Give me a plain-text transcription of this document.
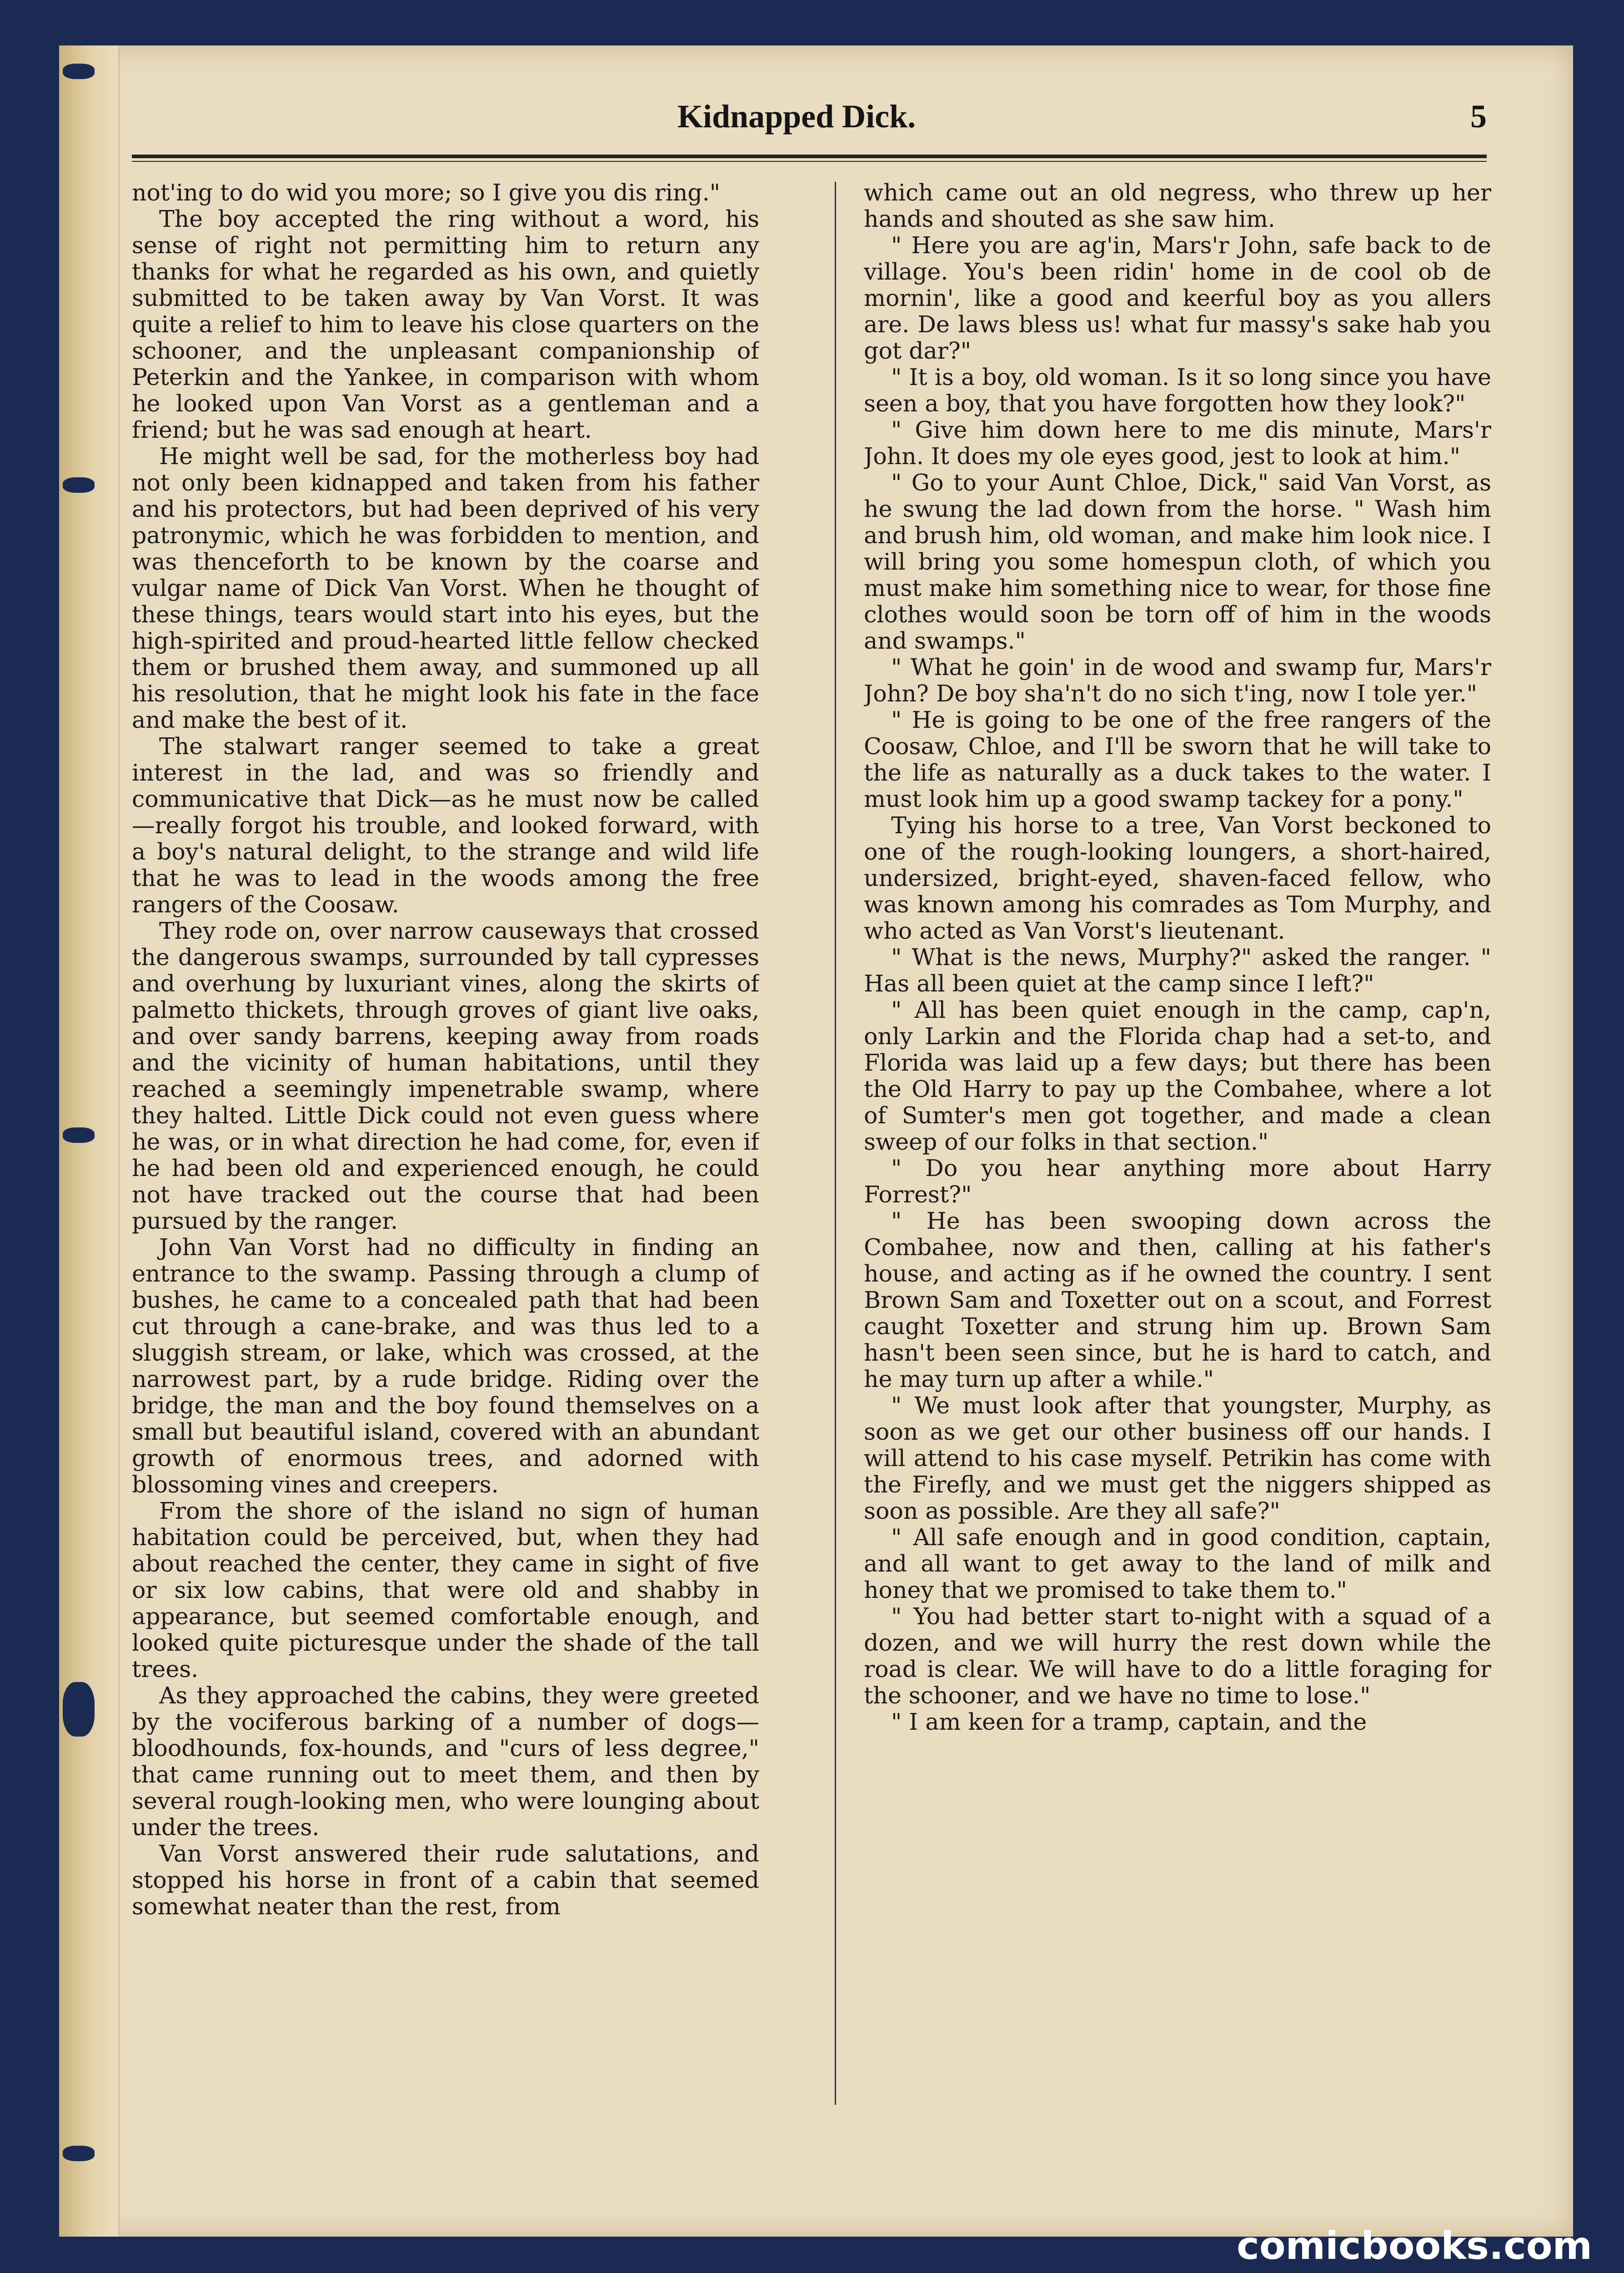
Kidnapped Dick.	5

not'ing to do wid you more; so I give you dis ring."

The boy accepted the ring without a word, his sense of right not permitting him to return any thanks for what he regarded as his own, and quietly submitted to be taken away by Van Vorst. It was quite a relief to him to leave his close quarters on the schooner, and the unpleasant companionship of Peterkin and the Yankee, in comparison with whom he looked upon Van Vorst as a gentleman and a friend; but he was sad enough at heart.

He might well be sad, for the motherless boy had not only been kidnapped and taken from his father and his protectors, but had been deprived of his very patronymic, which he was forbidden to mention, and was thenceforth to be known by the coarse and vulgar name of Dick Van Vorst. When he thought of these things, tears would start into his eyes, but the high-spirited and proud-hearted little fellow checked them or brushed them away, and summoned up all his resolution, that he might look his fate in the face and make the best of it.

The stalwart ranger seemed to take a great interest in the lad, and was so friendly and communicative that Dick—as he must now be called—really forgot his trouble, and looked forward, with a boy's natural delight, to the strange and wild life that he was to lead in the woods among the free rangers of the Coosaw.

They rode on, over narrow causeways that crossed the dangerous swamps, surrounded by tall cypresses and overhung by luxuriant vines, along the skirts of palmetto thickets, through groves of giant live oaks, and over sandy barrens, keeping away from roads and the vicinity of human habitations, until they reached a seemingly impenetrable swamp, where they halted. Little Dick could not even guess where he was, or in what direction he had come, for, even if he had been old and experienced enough, he could not have tracked out the course that had been pursued by the ranger.

John Van Vorst had no difficulty in finding an entrance to the swamp. Passing through a clump of bushes, he came to a concealed path that had been cut through a cane-brake, and was thus led to a sluggish stream, or lake, which was crossed, at the narrowest part, by a rude bridge. Riding over the bridge, the man and the boy found themselves on a small but beautiful island, covered with an abundant growth of enormous trees, and adorned with blossoming vines and creepers.

From the shore of the island no sign of human habitation could be perceived, but, when they had about reached the center, they came in sight of five or six low cabins, that were old and shabby in appearance, but seemed comfortable enough, and looked quite picturesque under the shade of the tall trees.

As they approached the cabins, they were greeted by the vociferous barking of a number of dogs—bloodhounds, fox-hounds, and "curs of less degree," that came running out to meet them, and then by several rough-looking men, who were lounging about under the trees.

Van Vorst answered their rude salutations, and stopped his horse in front of a cabin that seemed somewhat neater than the rest, from

which came out an old negress, who threw up her hands and shouted as she saw him.

" Here you are ag'in, Mars'r John, safe back to de village. You's been ridin' home in de cool ob de mornin', like a good and keerful boy as you allers are. De laws bless us! what fur massy's sake hab you got dar?"

" It is a boy, old woman. Is it so long since you have seen a boy, that you have forgotten how they look?"

" Give him down here to me dis minute, Mars'r John. It does my ole eyes good, jest to look at him."

" Go to your Aunt Chloe, Dick," said Van Vorst, as he swung the lad down from the horse. " Wash him and brush him, old woman, and make him look nice. I will bring you some homespun cloth, of which you must make him something nice to wear, for those fine clothes would soon be torn off of him in the woods and swamps."

" What he goin' in de wood and swamp fur, Mars'r John? De boy sha'n't do no sich t'ing, now I tole yer."

" He is going to be one of the free rangers of the Coosaw, Chloe, and I'll be sworn that he will take to the life as naturally as a duck takes to the water. I must look him up a good swamp tackey for a pony."

Tying his horse to a tree, Van Vorst beckoned to one of the rough-looking loungers, a short-haired, undersized, bright-eyed, shaven-faced fellow, who was known among his comrades as Tom Murphy, and who acted as Van Vorst's lieutenant.

" What is the news, Murphy?" asked the ranger. " Has all been quiet at the camp since I left?"

" All has been quiet enough in the camp, cap'n, only Larkin and the Florida chap had a set-to, and Florida was laid up a few days; but there has been the Old Harry to pay up the Combahee, where a lot of Sumter's men got together, and made a clean sweep of our folks in that section."

" Do you hear anything more about Harry Forrest?"

" He has been swooping down across the Combahee, now and then, calling at his father's house, and acting as if he owned the country. I sent Brown Sam and Toxetter out on a scout, and Forrest caught Toxetter and strung him up. Brown Sam hasn't been seen since, but he is hard to catch, and he may turn up after a while."

" We must look after that youngster, Murphy, as soon as we get our other business off our hands. I will attend to his case myself. Petrikin has come with the Firefly, and we must get the niggers shipped as soon as possible. Are they all safe?"

" All safe enough and in good condition, captain, and all want to get away to the land of milk and honey that we promised to take them to."

" You had better start to-night with a squad of a dozen, and we will hurry the rest down while the road is clear. We will have to do a little foraging for the schooner, and we have no time to lose."

" I am keen for a tramp, captain, and the

comicbooks.com
